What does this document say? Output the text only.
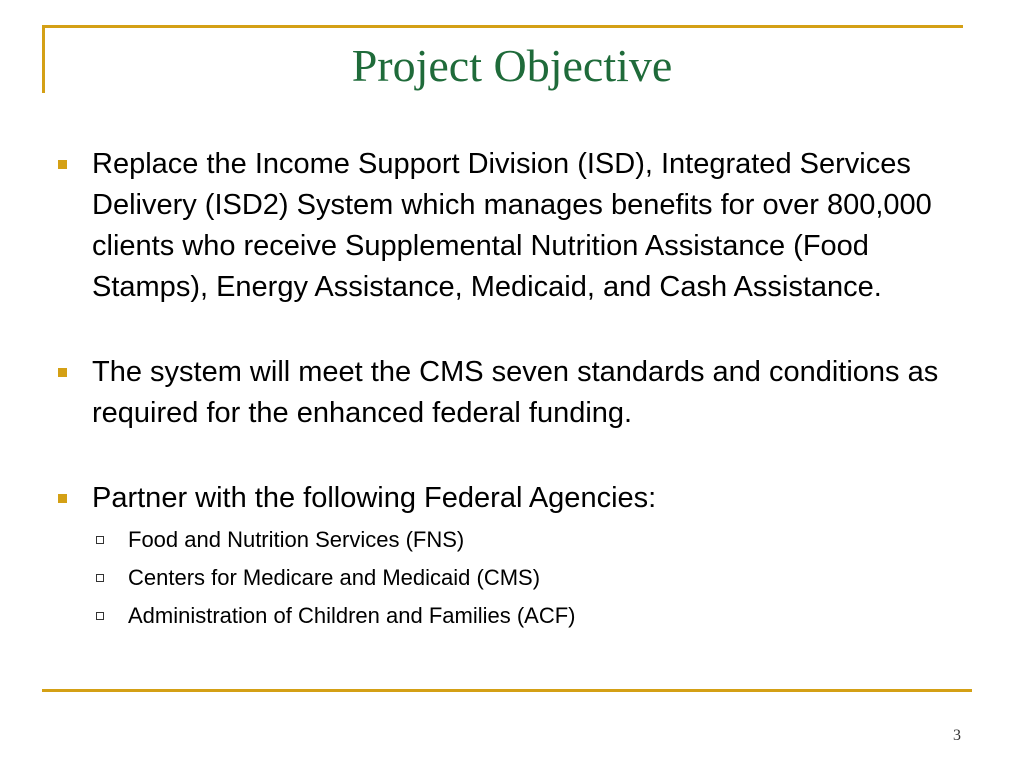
Project Objective
Replace the Income Support Division (ISD), Integrated Services Delivery (ISD2) System which manages benefits for over 800,000 clients who receive Supplemental Nutrition Assistance (Food Stamps), Energy Assistance, Medicaid, and Cash Assistance.
The system will meet the CMS seven standards and conditions as required for the enhanced federal funding.
Partner with the following Federal Agencies:
Food and Nutrition Services (FNS)
Centers for Medicare and Medicaid (CMS)
Administration of Children and Families (ACF)
3
